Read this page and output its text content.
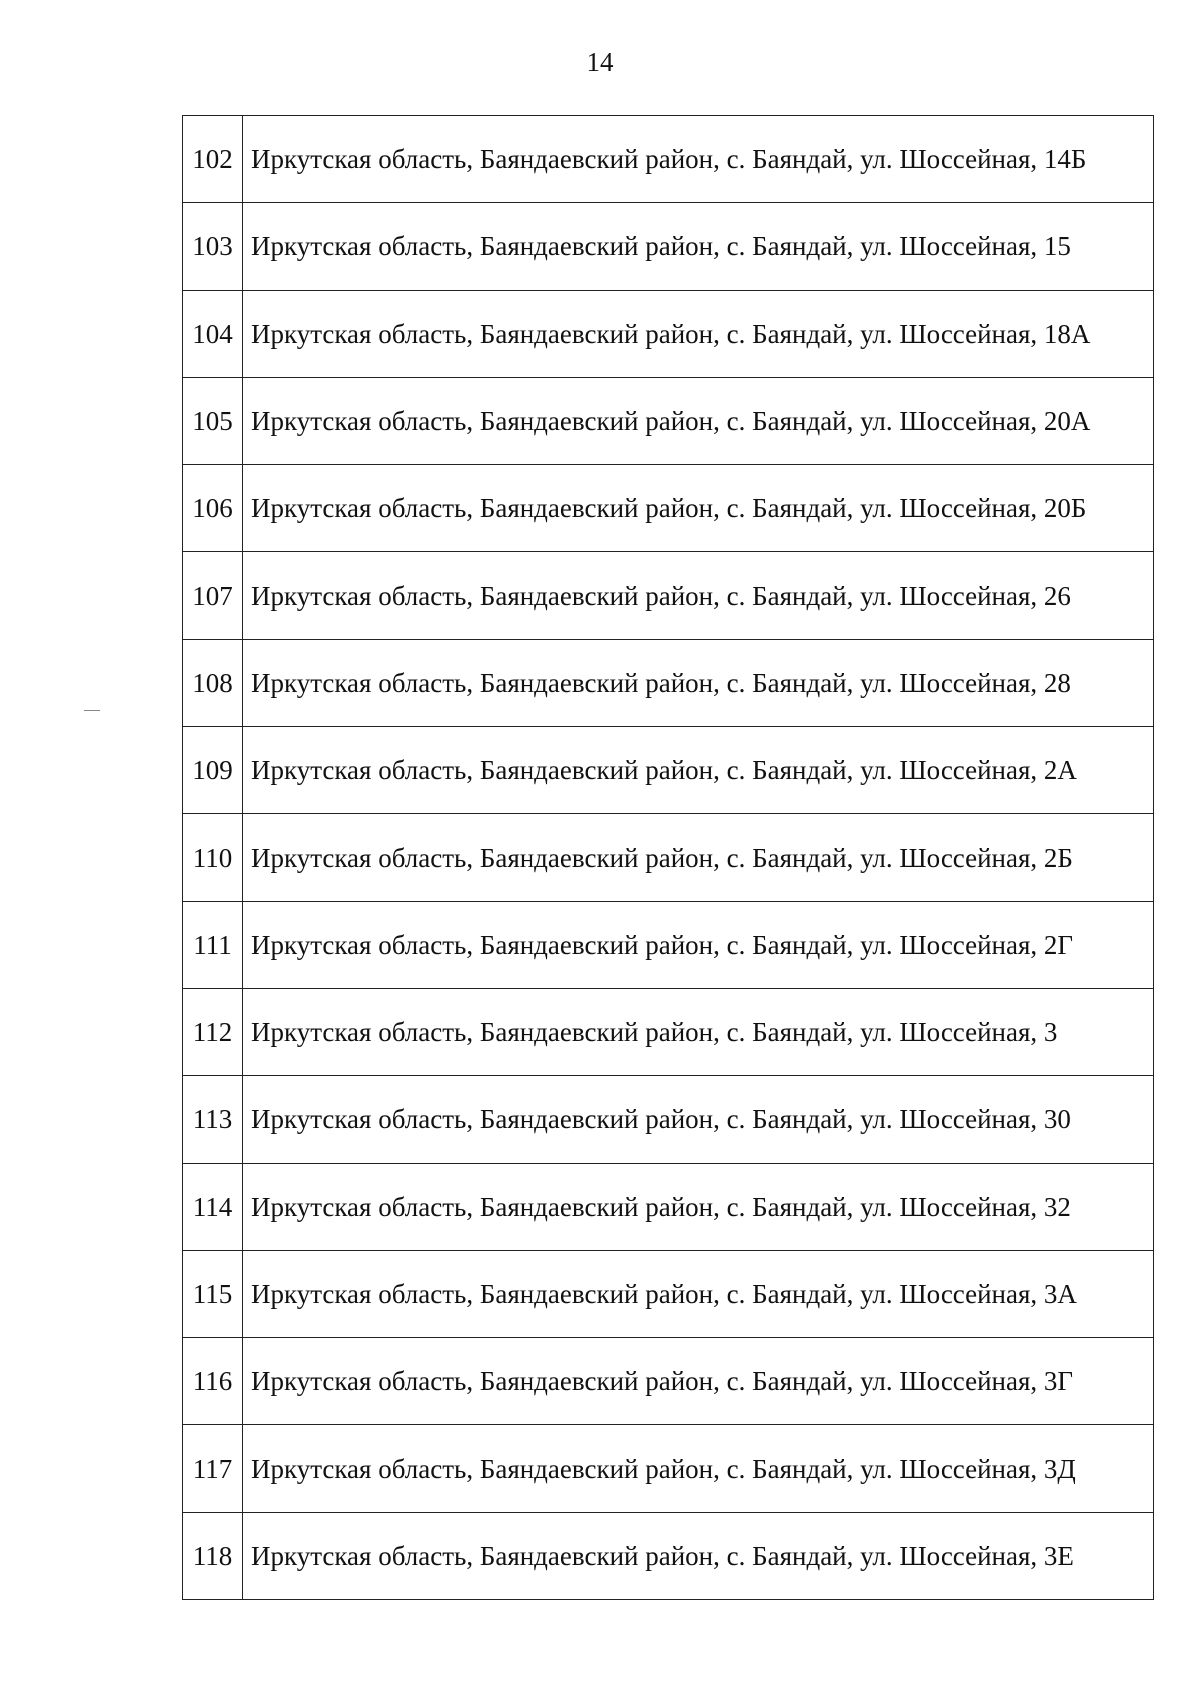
14
102	Иркутская область, Баяндаевский район, с. Баяндай, ул. Шоссейная, 14Б
103	Иркутская область, Баяндаевский район, с. Баяндай, ул. Шоссейная, 15
104	Иркутская область, Баяндаевский район, с. Баяндай, ул. Шоссейная, 18А
105	Иркутская область, Баяндаевский район, с. Баяндай, ул. Шоссейная, 20А
106	Иркутская область, Баяндаевский район, с. Баяндай, ул. Шоссейная, 20Б
107	Иркутская область, Баяндаевский район, с. Баяндай, ул. Шоссейная, 26
108	Иркутская область, Баяндаевский район, с. Баяндай, ул. Шоссейная, 28
109	Иркутская область, Баяндаевский район, с. Баяндай, ул. Шоссейная, 2А
110	Иркутская область, Баяндаевский район, с. Баяндай, ул. Шоссейная, 2Б
111	Иркутская область, Баяндаевский район, с. Баяндай, ул. Шоссейная, 2Г
112	Иркутская область, Баяндаевский район, с. Баяндай, ул. Шоссейная, 3
113	Иркутская область, Баяндаевский район, с. Баяндай, ул. Шоссейная, 30
114	Иркутская область, Баяндаевский район, с. Баяндай, ул. Шоссейная, 32
115	Иркутская область, Баяндаевский район, с. Баяндай, ул. Шоссейная, 3А
116	Иркутская область, Баяндаевский район, с. Баяндай, ул. Шоссейная, 3Г
117	Иркутская область, Баяндаевский район, с. Баяндай, ул. Шоссейная, 3Д
118	Иркутская область, Баяндаевский район, с. Баяндай, ул. Шоссейная, 3Е
